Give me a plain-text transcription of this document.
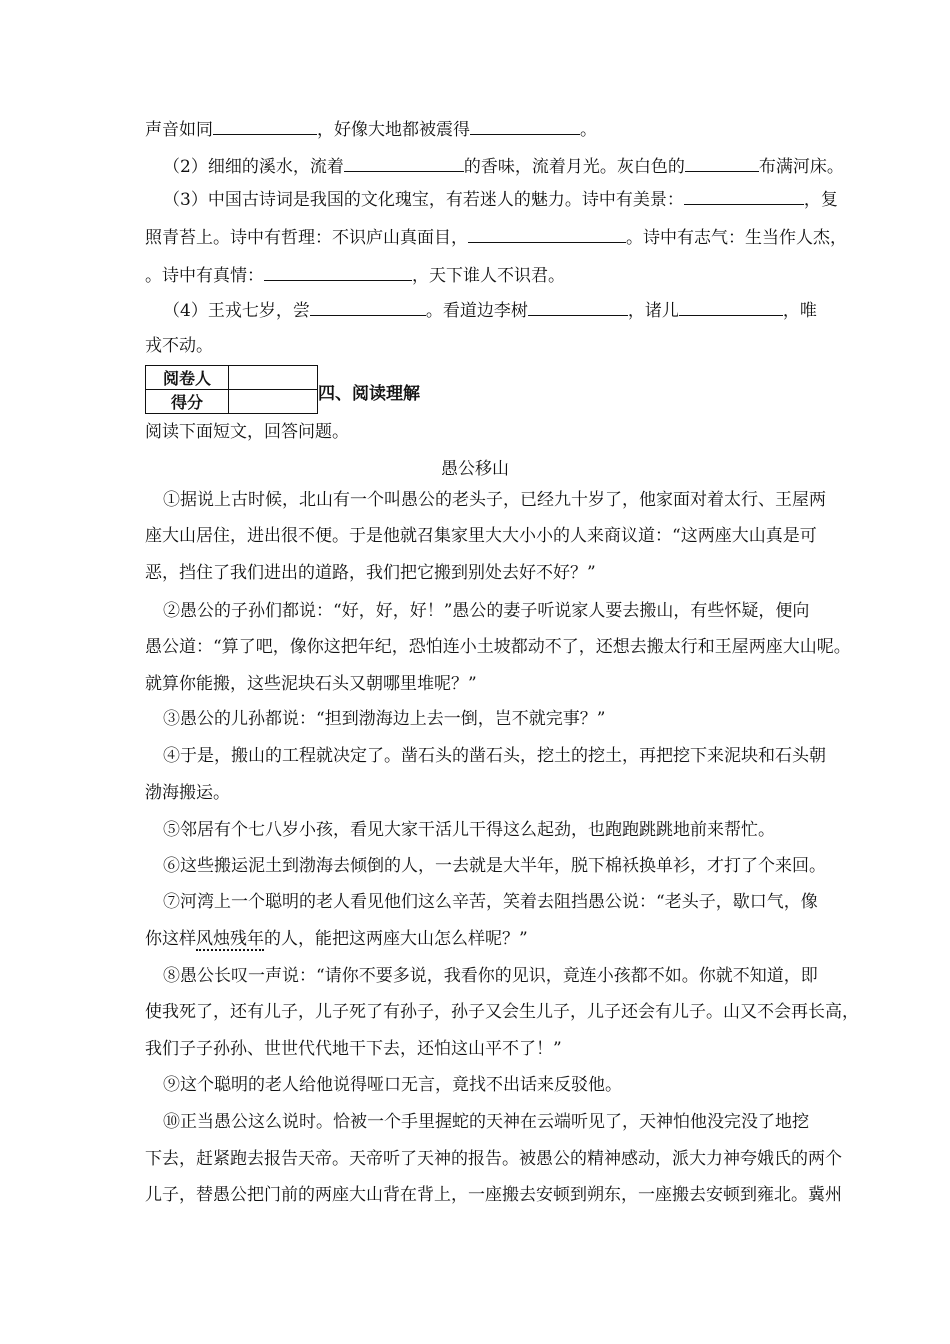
声音如同	，好像大地都被震得	。
（2）细细的溪水，流着	的香味，流着月光。灰白色的	布满河床。
（3）中国古诗词是我国的文化瑰宝，有若迷人的魅力。诗中有美景：	，复
照青苔上。诗中有哲理：不识庐山真面目，	。诗中有志气：生当作人杰，
。诗中有真情：	，天下谁人不识君。
（4）王戎七岁，尝	。看道边李树	，诸儿	，唯
戎不动。
阅卷人	
得分		四、阅读理解
阅读下面短文，回答问题。
愚公移山
①据说上古时候，北山有一个叫愚公的老头子，已经九十岁了，他家面对着太行、王屋两
座大山居住，进出很不便。于是他就召集家里大大小小的人来商议道：“这两座大山真是可
恶，挡住了我们进出的道路，我们把它搬到别处去好不好？”
②愚公的子孙们都说：“好，好，好！”愚公的妻子听说家人要去搬山，有些怀疑，便向
愚公道：“算了吧，像你这把年纪，恐怕连小土坡都动不了，还想去搬太行和王屋两座大山呢。
就算你能搬，这些泥块石头又朝哪里堆呢？”
③愚公的儿孙都说：“担到渤海边上去一倒，岂不就完事？”
④于是，搬山的工程就决定了。凿石头的凿石头，挖土的挖土，再把挖下来泥块和石头朝
渤海搬运。
⑤邻居有个七八岁小孩，看见大家干活儿干得这么起劲，也跑跑跳跳地前来帮忙。
⑥这些搬运泥土到渤海去倾倒的人，一去就是大半年，脱下棉袄换单衫，才打了个来回。
⑦河湾上一个聪明的老人看见他们这么辛苦，笑着去阻挡愚公说：“老头子，歇口气，像
你这样风烛残年的人，能把这两座大山怎么样呢？”
⑧愚公长叹一声说：“请你不要多说，我看你的见识，竟连小孩都不如。你就不知道，即
使我死了，还有儿子，儿子死了有孙子，孙子又会生儿子，儿子还会有儿子。山又不会再长高，
我们子子孙孙、世世代代地干下去，还怕这山平不了！”
⑨这个聪明的老人给他说得哑口无言，竟找不出话来反驳他。
⑩正当愚公这么说时。恰被一个手里握蛇的天神在云端听见了，天神怕他没完没了地挖
下去，赶紧跑去报告天帝。天帝听了天神的报告。被愚公的精神感动，派大力神夸娥氏的两个
儿子，替愚公把门前的两座大山背在背上，一座搬去安顿到朔东，一座搬去安顿到雍北。冀州
